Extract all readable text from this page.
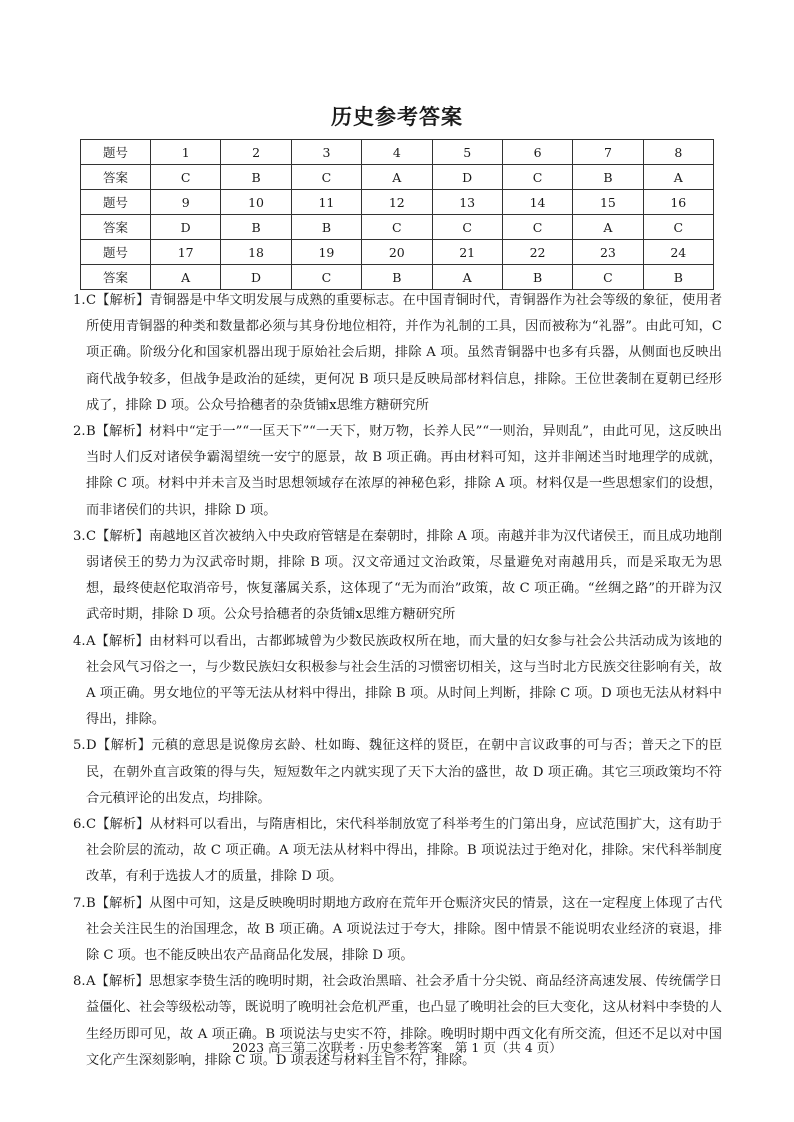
历史参考答案
题号	1	2	3	4	5	6	7	8
答案	C	B	C	A	D	C	B	A
题号	9	10	11	12	13	14	15	16
答案	D	B	B	C	C	C	A	C
题号	17	18	19	20	21	22	23	24
答案	A	D	C	B	A	B	C	B
1. C【解析】青铜器是中华文明发展与成熟的重要标志。在中国青铜时代，青铜器作为社会等级的象征，使用者所使用青铜器的种类和数量都必须与其身份地位相符，并作为礼制的工具，因而被称为“礼器”。由此可知，C 项正确。阶级分化和国家机器出现于原始社会后期，排除 A 项。虽然青铜器中也多有兵器，从侧面也反映出商代战争较多，但战争是政治的延续，更何况 B 项只是反映局部材料信息，排除。王位世袭制在夏朝已经形成了，排除 D 项。公众号拾穗者的杂货铺x思维方糖研究所
2. B【解析】材料中“定于一”“一匡天下”“一天下，财万物，长养人民”“一则治，异则乱”，由此可见，这反映出当时人们反对诸侯争霸渴望统一安宁的愿景，故 B 项正确。再由材料可知，这并非阐述当时地理学的成就，排除 C 项。材料中并未言及当时思想领域存在浓厚的神秘色彩，排除 A 项。材料仅是一些思想家们的设想，而非诸侯们的共识，排除 D 项。
3. C【解析】南越地区首次被纳入中央政府管辖是在秦朝时，排除 A 项。南越并非为汉代诸侯王，而且成功地削弱诸侯王的势力为汉武帝时期，排除 B 项。汉文帝通过文治政策，尽量避免对南越用兵，而是采取无为思想，最终使赵佗取消帝号，恢复藩属关系，这体现了“无为而治”政策，故 C 项正确。“丝绸之路”的开辟为汉武帝时期，排除 D 项。公众号拾穗者的杂货铺x思维方糖研究所
4. A【解析】由材料可以看出，古都邺城曾为少数民族政权所在地，而大量的妇女参与社会公共活动成为该地的社会风气习俗之一，与少数民族妇女积极参与社会生活的习惯密切相关，这与当时北方民族交往影响有关，故 A 项正确。男女地位的平等无法从材料中得出，排除 B 项。从时间上判断，排除 C 项。D 项也无法从材料中得出，排除。
5. D【解析】元稹的意思是说像房玄龄、杜如晦、魏征这样的贤臣，在朝中言议政事的可与否；普天之下的臣民，在朝外直言政策的得与失，短短数年之内就实现了天下大治的盛世，故 D 项正确。其它三项政策均不符合元稹评论的出发点，均排除。
6. C【解析】从材料可以看出，与隋唐相比，宋代科举制放宽了科举考生的门第出身，应试范围扩大，这有助于社会阶层的流动，故 C 项正确。A 项无法从材料中得出，排除。B 项说法过于绝对化，排除。宋代科举制度改革，有利于选拔人才的质量，排除 D 项。
7. B【解析】从图中可知，这是反映晚明时期地方政府在荒年开仓赈济灾民的情景，这在一定程度上体现了古代社会关注民生的治国理念，故 B 项正确。A 项说法过于夸大，排除。图中情景不能说明农业经济的衰退，排除 C 项。也不能反映出农产品商品化发展，排除 D 项。
8. A【解析】思想家李贽生活的晚明时期，社会政治黑暗、社会矛盾十分尖锐、商品经济高速发展、传统儒学日益僵化、社会等级松动等，既说明了晚明社会危机严重，也凸显了晚明社会的巨大变化，这从材料中李贽的人生经历即可见，故 A 项正确。B 项说法与史实不符，排除。晚明时期中西文化有所交流，但还不足以对中国文化产生深刻影响，排除 C 项。D 项表述与材料主旨不符，排除。
2023 高三第二次联考 · 历史参考答案　第 1 页（共 4 页）
